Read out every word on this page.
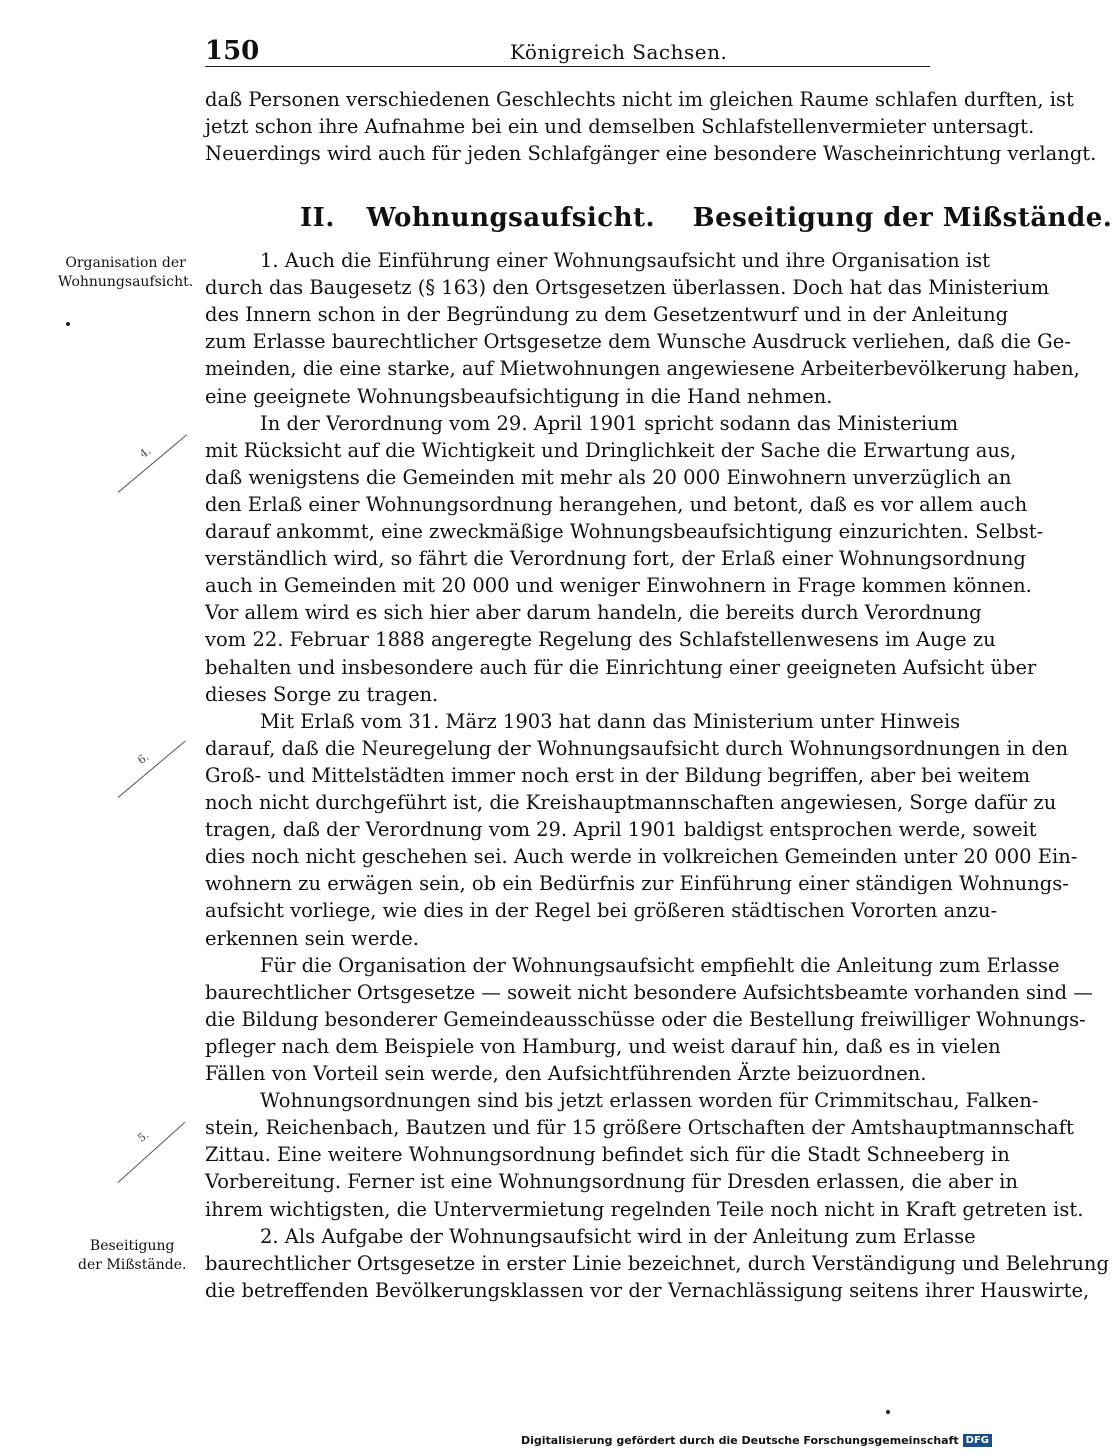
150	Königreich Sachsen.
daß Personen verschiedenen Geschlechts nicht im gleichen Raume schlafen durften, ist
jetzt schon ihre Aufnahme bei ein und demselben Schlafstellenvermieter untersagt.
Neuerdings wird auch für jeden Schlafgänger eine besondere Wascheinrichtung verlangt.
II. Wohnungsaufsicht. Beseitigung der Mißstände.
Organisation der
Wohnungsaufsicht.
Beseitigung
der Mißstände.
4.
6.
5.
1. Auch die Einführung einer Wohnungsaufsicht und ihre Organisation ist
durch das Baugesetz (§ 163) den Ortsgesetzen überlassen. Doch hat das Ministerium
des Innern schon in der Begründung zu dem Gesetzentwurf und in der Anleitung
zum Erlasse baurechtlicher Ortsgesetze dem Wunsche Ausdruck verliehen, daß die Ge-
meinden, die eine starke, auf Mietwohnungen angewiesene Arbeiterbevölkerung haben,
eine geeignete Wohnungsbeaufsichtigung in die Hand nehmen.
In der Verordnung vom 29. April 1901 spricht sodann das Ministerium
mit Rücksicht auf die Wichtigkeit und Dringlichkeit der Sache die Erwartung aus,
daß wenigstens die Gemeinden mit mehr als 20 000 Einwohnern unverzüglich an
den Erlaß einer Wohnungsordnung herangehen, und betont, daß es vor allem auch
darauf ankommt, eine zweckmäßige Wohnungsbeaufsichtigung einzurichten. Selbst-
verständlich wird, so fährt die Verordnung fort, der Erlaß einer Wohnungsordnung
auch in Gemeinden mit 20 000 und weniger Einwohnern in Frage kommen können.
Vor allem wird es sich hier aber darum handeln, die bereits durch Verordnung
vom 22. Februar 1888 angeregte Regelung des Schlafstellenwesens im Auge zu
behalten und insbesondere auch für die Einrichtung einer geeigneten Aufsicht über
dieses Sorge zu tragen.
Mit Erlaß vom 31. März 1903 hat dann das Ministerium unter Hinweis
darauf, daß die Neuregelung der Wohnungsaufsicht durch Wohnungsordnungen in den
Groß- und Mittelstädten immer noch erst in der Bildung begriffen, aber bei weitem
noch nicht durchgeführt ist, die Kreishauptmannschaften angewiesen, Sorge dafür zu
tragen, daß der Verordnung vom 29. April 1901 baldigst entsprochen werde, soweit
dies noch nicht geschehen sei. Auch werde in volkreichen Gemeinden unter 20 000 Ein-
wohnern zu erwägen sein, ob ein Bedürfnis zur Einführung einer ständigen Wohnungs-
aufsicht vorliege, wie dies in der Regel bei größeren städtischen Vororten anzu-
erkennen sein werde.
Für die Organisation der Wohnungsaufsicht empfiehlt die Anleitung zum Erlasse
baurechtlicher Ortsgesetze — soweit nicht besondere Aufsichtsbeamte vorhanden sind —
die Bildung besonderer Gemeindeausschüsse oder die Bestellung freiwilliger Wohnungs-
pfleger nach dem Beispiele von Hamburg, und weist darauf hin, daß es in vielen
Fällen von Vorteil sein werde, den Aufsichtführenden Ärzte beizuordnen.
Wohnungsordnungen sind bis jetzt erlassen worden für Crimmitschau, Falken-
stein, Reichenbach, Bautzen und für 15 größere Ortschaften der Amtshauptmannschaft
Zittau. Eine weitere Wohnungsordnung befindet sich für die Stadt Schneeberg in
Vorbereitung. Ferner ist eine Wohnungsordnung für Dresden erlassen, die aber in
ihrem wichtigsten, die Untervermietung regelnden Teile noch nicht in Kraft getreten ist.
2. Als Aufgabe der Wohnungsaufsicht wird in der Anleitung zum Erlasse
baurechtlicher Ortsgesetze in erster Linie bezeichnet, durch Verständigung und Belehrung
die betreffenden Bevölkerungsklassen vor der Vernachlässigung seitens ihrer Hauswirte,
Digitalisierung gefördert durch die Deutsche Forschungsgemeinschaft DFG
